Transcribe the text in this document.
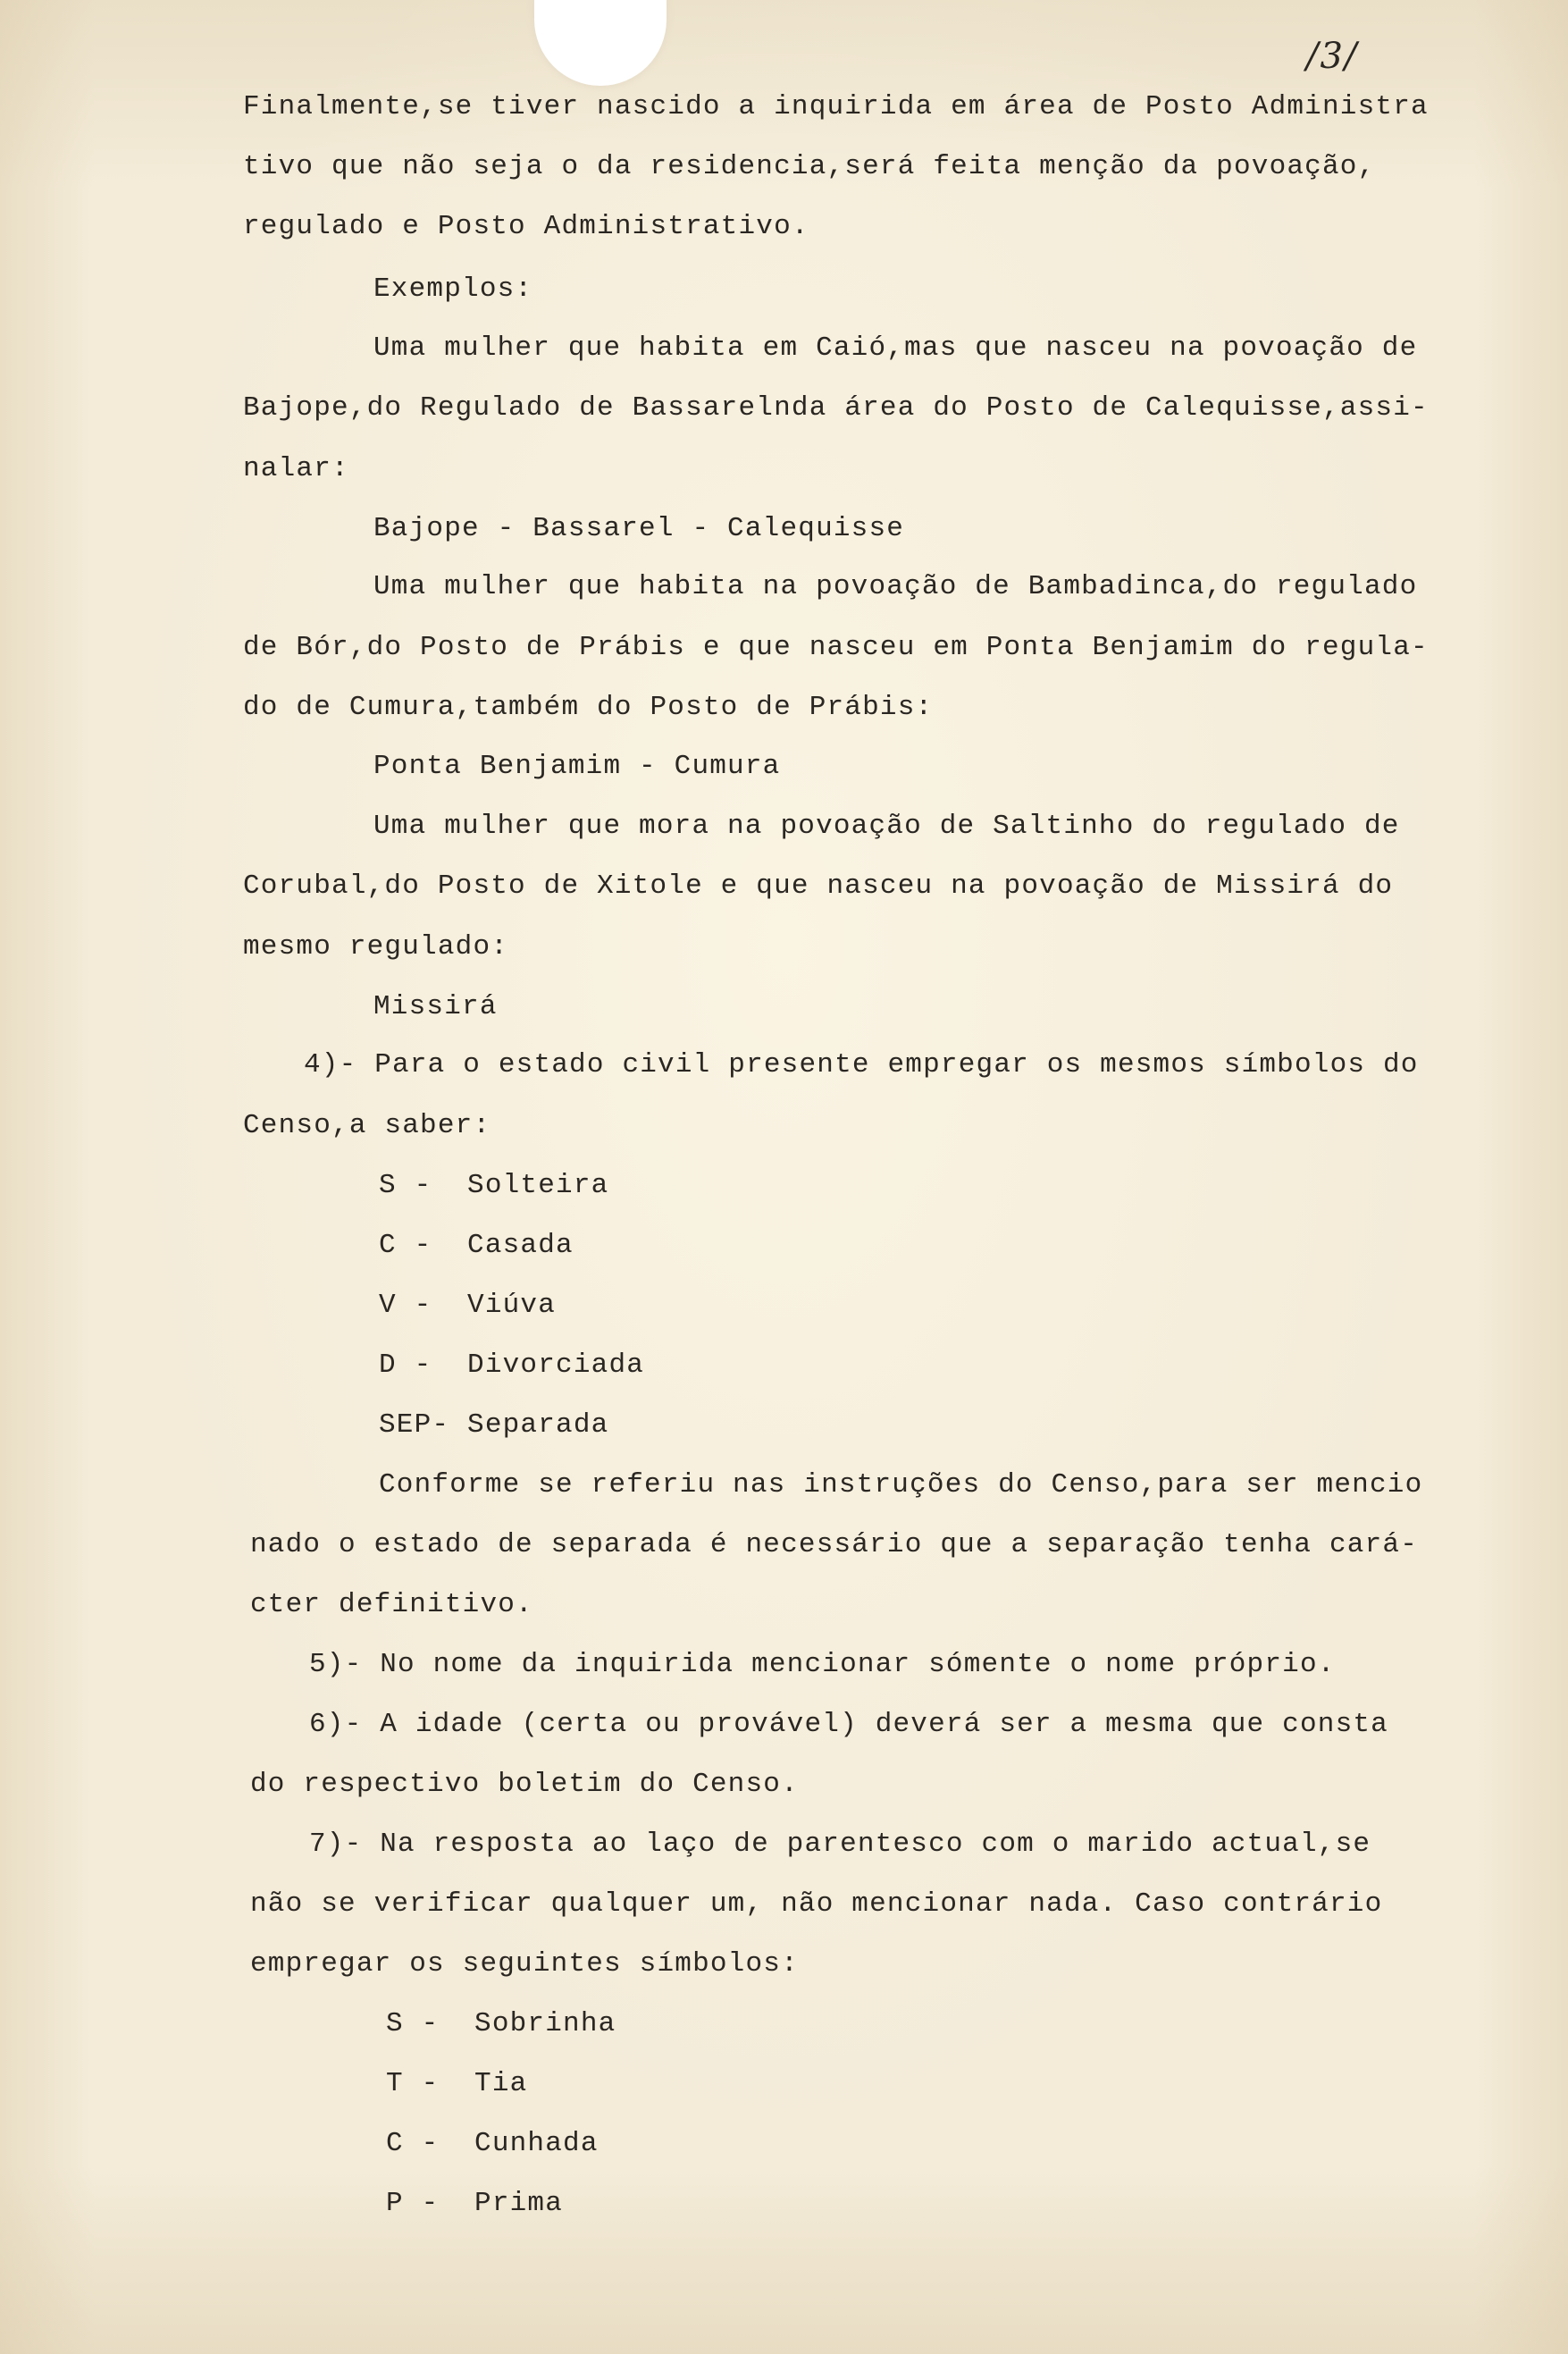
/3/
Finalmente,se tiver nascido a inquirida em área de Posto Administra
tivo que não seja o da residencia,será feita menção da povoação,
regulado e Posto Administrativo.
Exemplos:
Uma mulher que habita em Caió,mas que nasceu na povoação de
Bajope,do Regulado de Bassarelnda área do Posto de Calequisse,assi-
nalar:
Bajope - Bassarel - Calequisse
Uma mulher que habita na povoação de Bambadinca,do regulado
de Bór,do Posto de Prábis e que nasceu em Ponta Benjamim do regula-
do de Cumura,também do Posto de Prábis:
Ponta Benjamim - Cumura
Uma mulher que mora na povoação de Saltinho do regulado de
Corubal,do Posto de Xitole e que nasceu na povoação de Missirá do
mesmo regulado:
Missirá
4)- Para o estado civil presente empregar os mesmos símbolos do
Censo,a saber:
S -  Solteira
C -  Casada
V -  Viúva
D -  Divorciada
SEP- Separada
Conforme se referiu nas instruções do Censo,para ser mencio
nado o estado de separada é necessário que a separação tenha cará-
cter definitivo.
5)- No nome da inquirida mencionar sómente o nome próprio.
6)- A idade (certa ou provável) deverá ser a mesma que consta
do respectivo boletim do Censo.
7)- Na resposta ao laço de parentesco com o marido actual,se
não se verificar qualquer um, não mencionar nada. Caso contrário
empregar os seguintes símbolos:
S -  Sobrinha
T -  Tia
C -  Cunhada
P -  Prima
